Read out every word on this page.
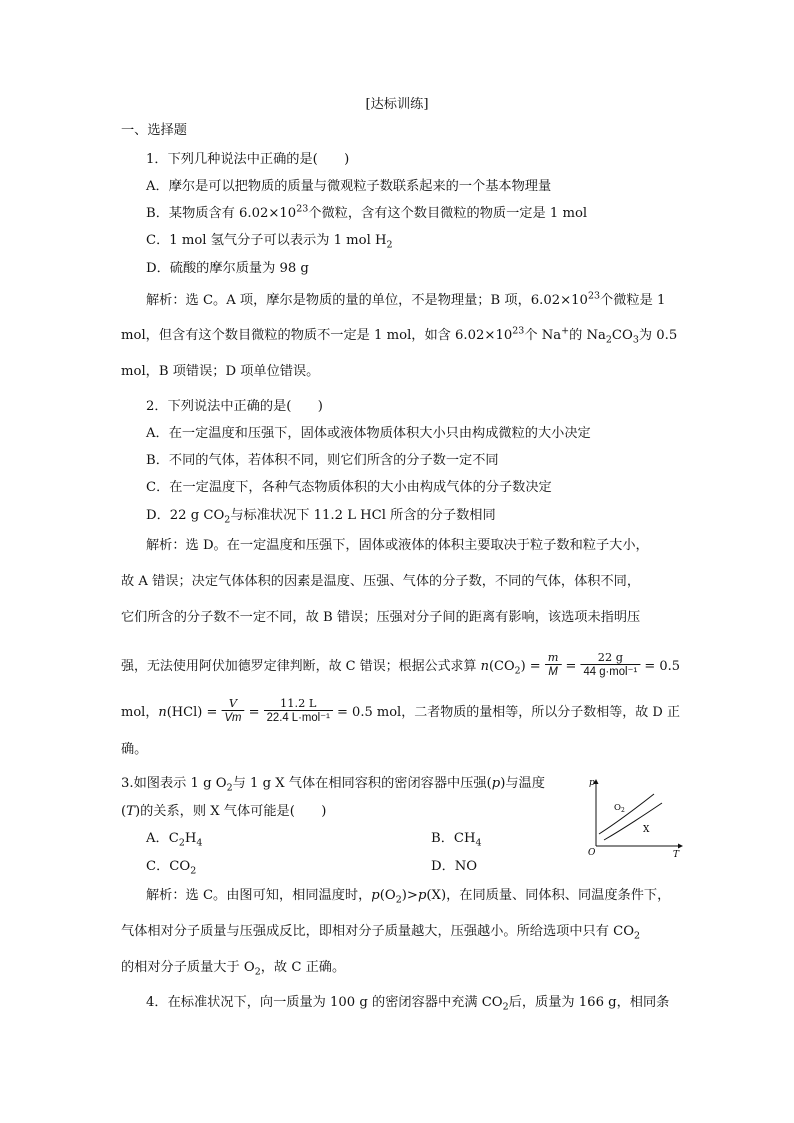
[达标训练]
一、选择题
1．下列几种说法中正确的是(　　)
A．摩尔是可以把物质的质量与微观粒子数联系起来的一个基本物理量
B．某物质含有 $6.02\times 10^{23}$个微粒，含有这个数目微粒的物质一定是 1 mol
C．1 mol 氢气分子可以表示为 1 mol $H_2$
D．硫酸的摩尔质量为 98 g
解析：选 C。A 项，摩尔是物质的量的单位，不是物理量；B 项，$6.02\times 10^{23}$个微粒是 1
mol，但含有这个数目微粒的物质不一定是 1 mol，如含 $6.02\times 10^{23}$个 Na+的 $Na_2CO_3$为 0.5
mol，B 项错误；D 项单位错误。
2．下列说法中正确的是(　　)
A．在一定温度和压强下，固体或液体物质体积大小只由构成微粒的大小决定
B．不同的气体，若体积不同，则它们所含的分子数一定不同
C．在一定温度下，各种气态物质体积的大小由构成气体的分子数决定
D．22 g $CO_2$与标准状况下 11.2 L HCl 所含的分子数相同
解析：选 D。在一定温度和压强下，固体或液体的体积主要取决于粒子数和粒子大小，
故 A 错误；决定气体体积的因素是温度、压强、气体的分子数，不同的气体，体积不同，
它们所含的分子数不一定不同，故 B 错误；压强对分子间的距离有影响，该选项未指明压
强，无法使用阿伏加德罗定律判断，故 C 错误；根据公式求算 $n(CO_2) = \frac{m}{M} = \frac{22 g}{\text{44 g·mol⁻¹}} = 0.5$
mol，$n(HCl) = \frac{V}{Vm} = \frac{11.2 L}{\text{22.4 L·mol⁻¹}} = 0.5$ mol，二者物质的量相等，所以分子数相等，故 D 正
确。
3.如图表示 1 g $O_2$与 1 g X 气体在相同容积的密闭容器中压强(p)与温度
(T)的关系，则 X 气体可能是(　　)
A．$C_2H_4$	B．$CH_4$
C．$CO_2$	D．NO
p
T
O
$O_2$
X
解析：选 C。由图可知，相同温度时，$p(O_2)>p(X)$，在同质量、同体积、同温度条件下，
气体相对分子质量与压强成反比，即相对分子质量越大，压强越小。所给选项中只有 $CO_2$
的相对分子质量大于 $O_2$，故 C 正确。
4．在标准状况下，向一质量为 100 g 的密闭容器中充满 $CO_2$后，质量为 166 g，相同条
